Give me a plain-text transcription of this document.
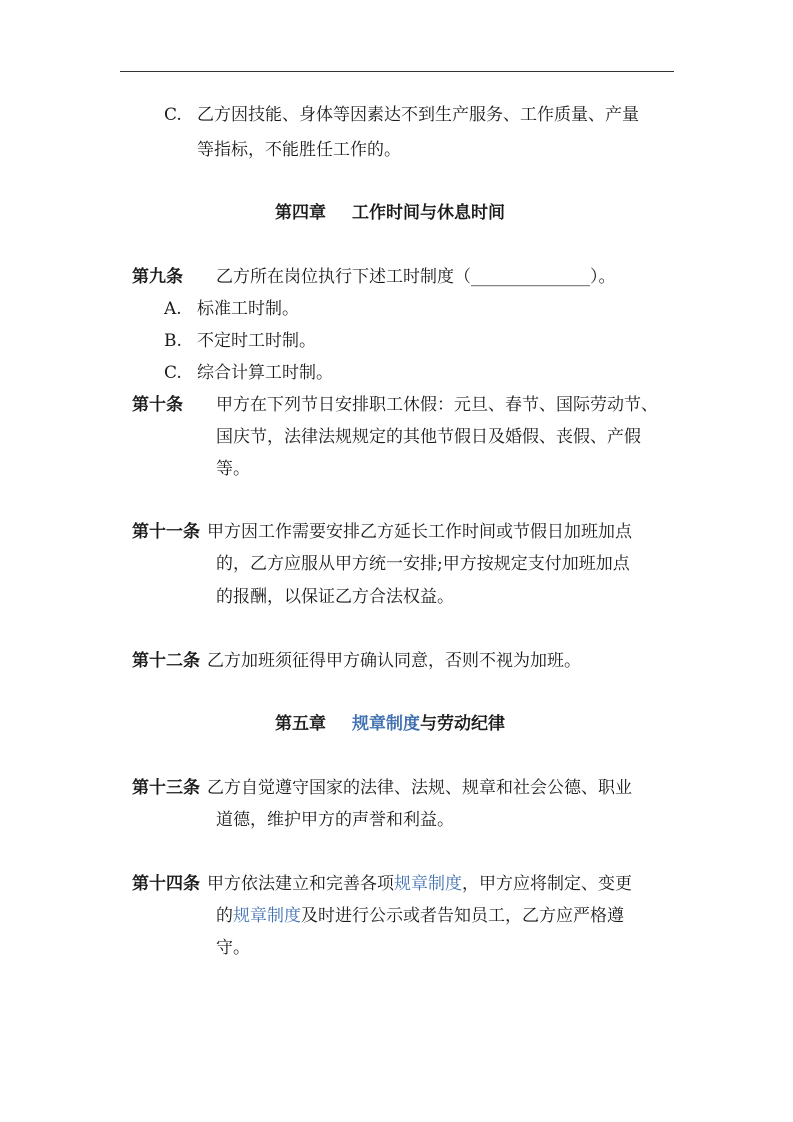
C. 乙方因技能、身体等因素达不到生产服务、工作质量、产量
等指标，不能胜任工作的。
第四章 工作时间与休息时间
第九条 乙方所在岗位执行下述工时制度（______________）。
A. 标准工时制。
B. 不定时工时制。
C. 综合计算工时制。
第十条 甲方在下列节日安排职工休假：元旦、春节、国际劳动节、
国庆节，法律法规规定的其他节假日及婚假、丧假、产假
等。
第十一条 甲方因工作需要安排乙方延长工作时间或节假日加班加点
的，乙方应服从甲方统一安排;甲方按规定支付加班加点
的报酬，以保证乙方合法权益。
第十二条 乙方加班须征得甲方确认同意，否则不视为加班。
第五章 规章制度与劳动纪律
第十三条 乙方自觉遵守国家的法律、法规、规章和社会公德、职业
道德，维护甲方的声誉和利益。
第十四条 甲方依法建立和完善各项规章制度，甲方应将制定、变更
的规章制度及时进行公示或者告知员工，乙方应严格遵
守。
